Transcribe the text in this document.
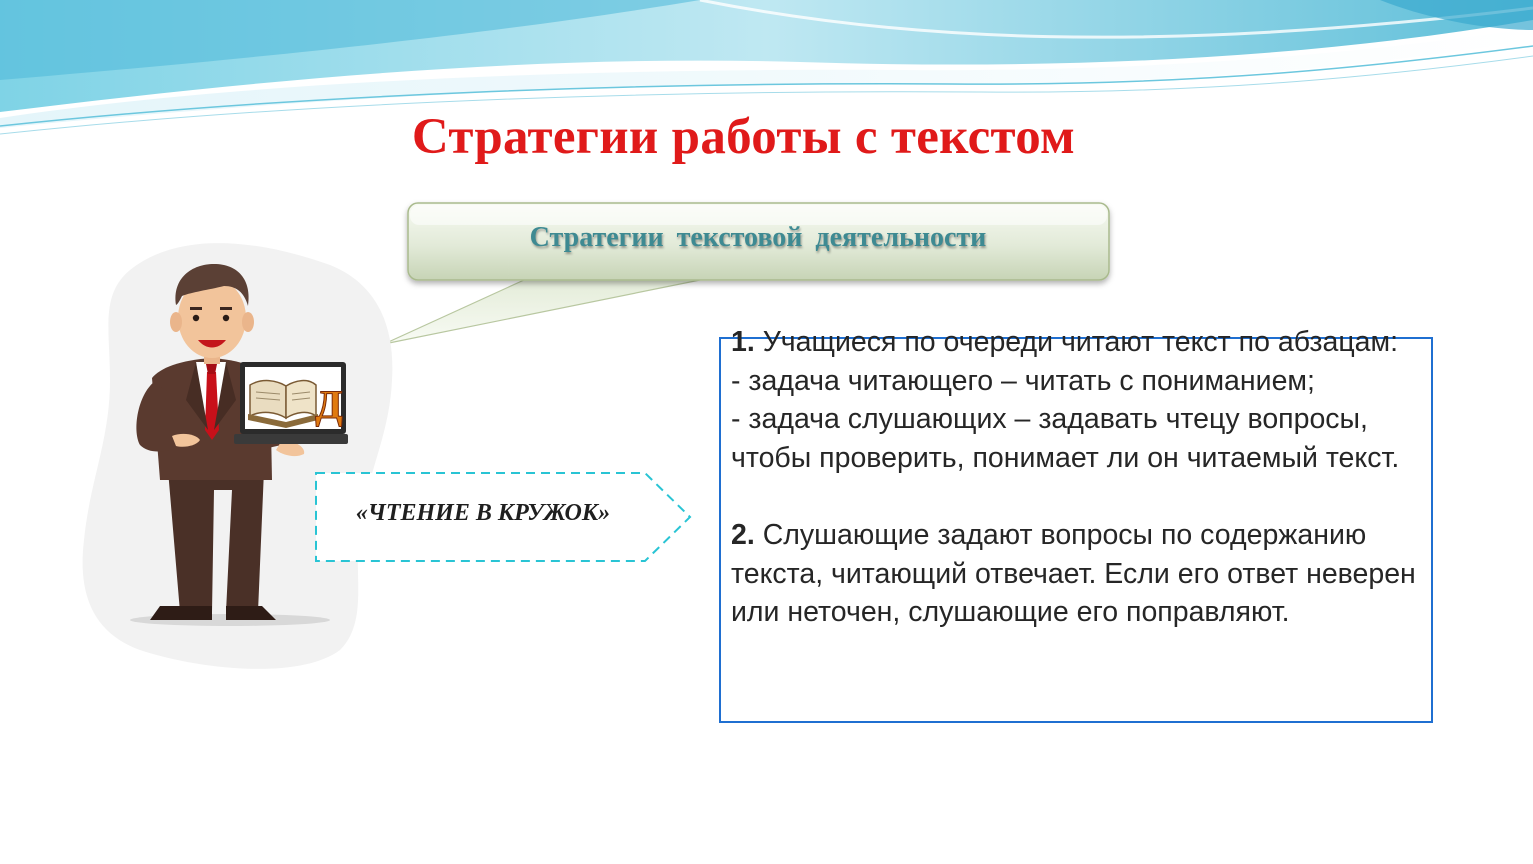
Стратегии работы с текстом
Стратегии текстовой деятельности
Д
«ЧТЕНИЕ В КРУЖОК»

1. Учащиеся по очереди читают текст по абзацам:

- задача читающего – читать с пониманием;

- задача слушающих – задавать чтецу вопросы, чтобы проверить, понимает ли он читаемый текст.

2. Слушающие задают вопросы по содержанию текста, читающий отвечает. Если его ответ неверен или неточен, слушающие его поправляют.
